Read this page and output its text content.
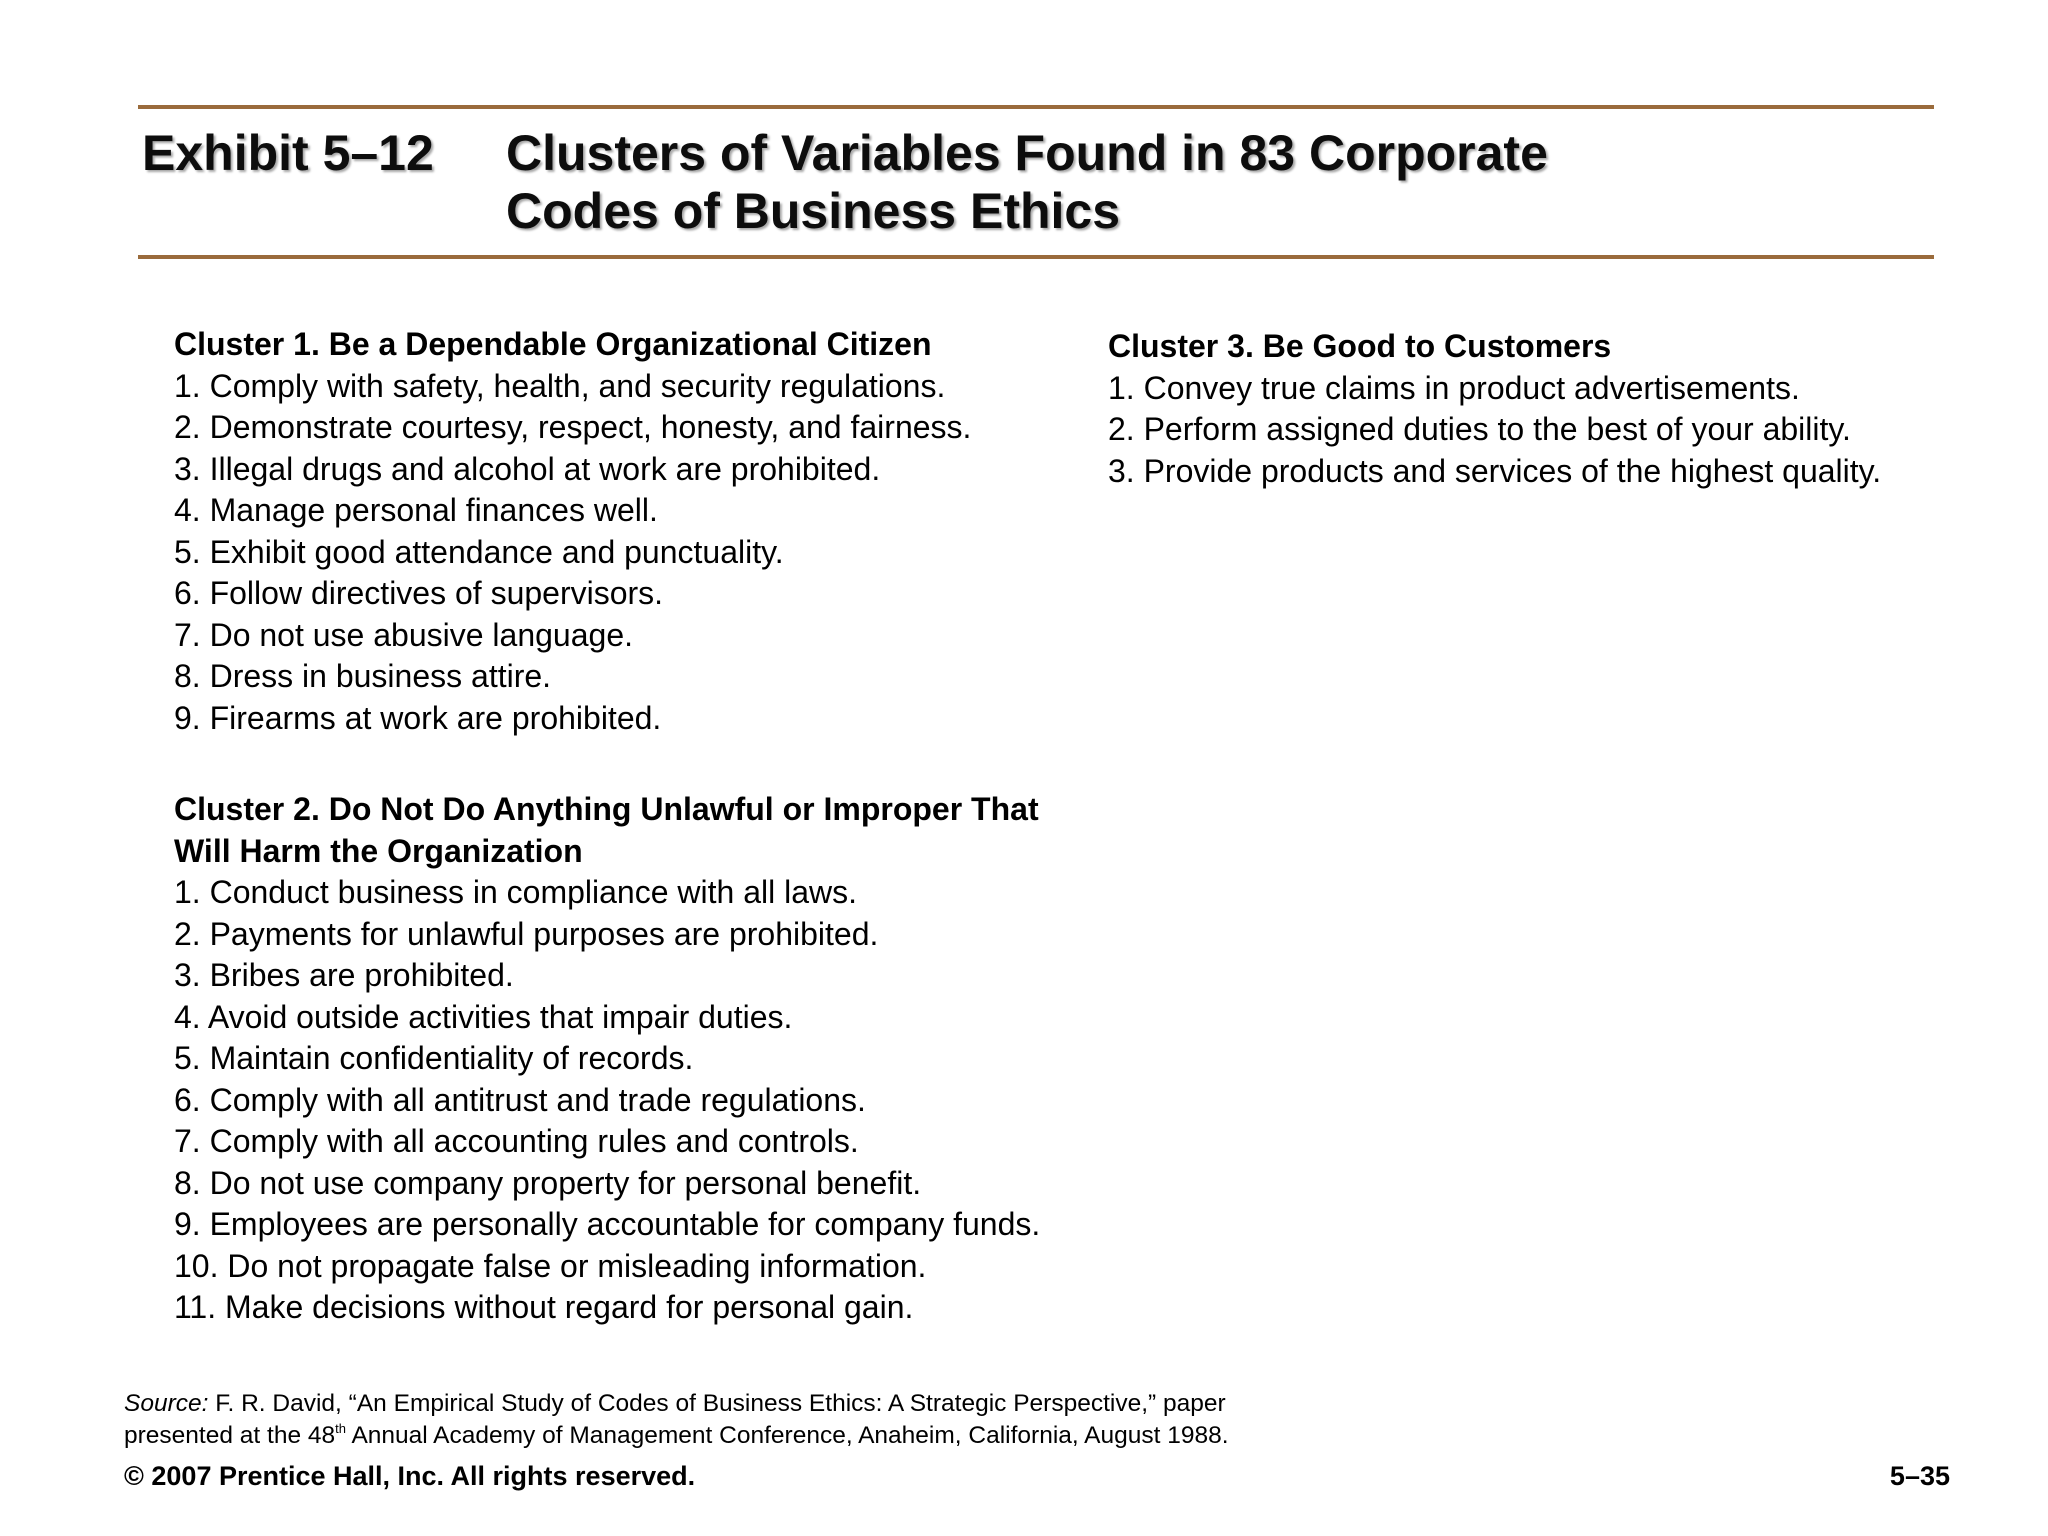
Exhibit 5–12 Clusters of Variables Found in 83 Corporate
Codes of Business Ethics
Cluster 1. Be a Dependable Organizational Citizen
1. Comply with safety, health, and security regulations.
2. Demonstrate courtesy, respect, honesty, and fairness.
3. Illegal drugs and alcohol at work are prohibited.
4. Manage personal finances well.
5. Exhibit good attendance and punctuality.
6. Follow directives of supervisors.
7. Do not use abusive language.
8. Dress in business attire.
9. Firearms at work are prohibited.
Cluster 2. Do Not Do Anything Unlawful or Improper That
Will Harm the Organization
1. Conduct business in compliance with all laws.
2. Payments for unlawful purposes are prohibited.
3. Bribes are prohibited.
4. Avoid outside activities that impair duties.
5. Maintain confidentiality of records.
6. Comply with all antitrust and trade regulations.
7. Comply with all accounting rules and controls.
8. Do not use company property for personal benefit.
9. Employees are personally accountable for company funds.
10. Do not propagate false or misleading information.
11. Make decisions without regard for personal gain.
Cluster 3. Be Good to Customers
1. Convey true claims in product advertisements.
2. Perform assigned duties to the best of your ability.
3. Provide products and services of the highest quality.
Source: F. R. David, “An Empirical Study of Codes of Business Ethics: A Strategic Perspective,” paper
presented at the 48th Annual Academy of Management Conference, Anaheim, California, August 1988.
© 2007 Prentice Hall, Inc. All rights reserved.	5–35
